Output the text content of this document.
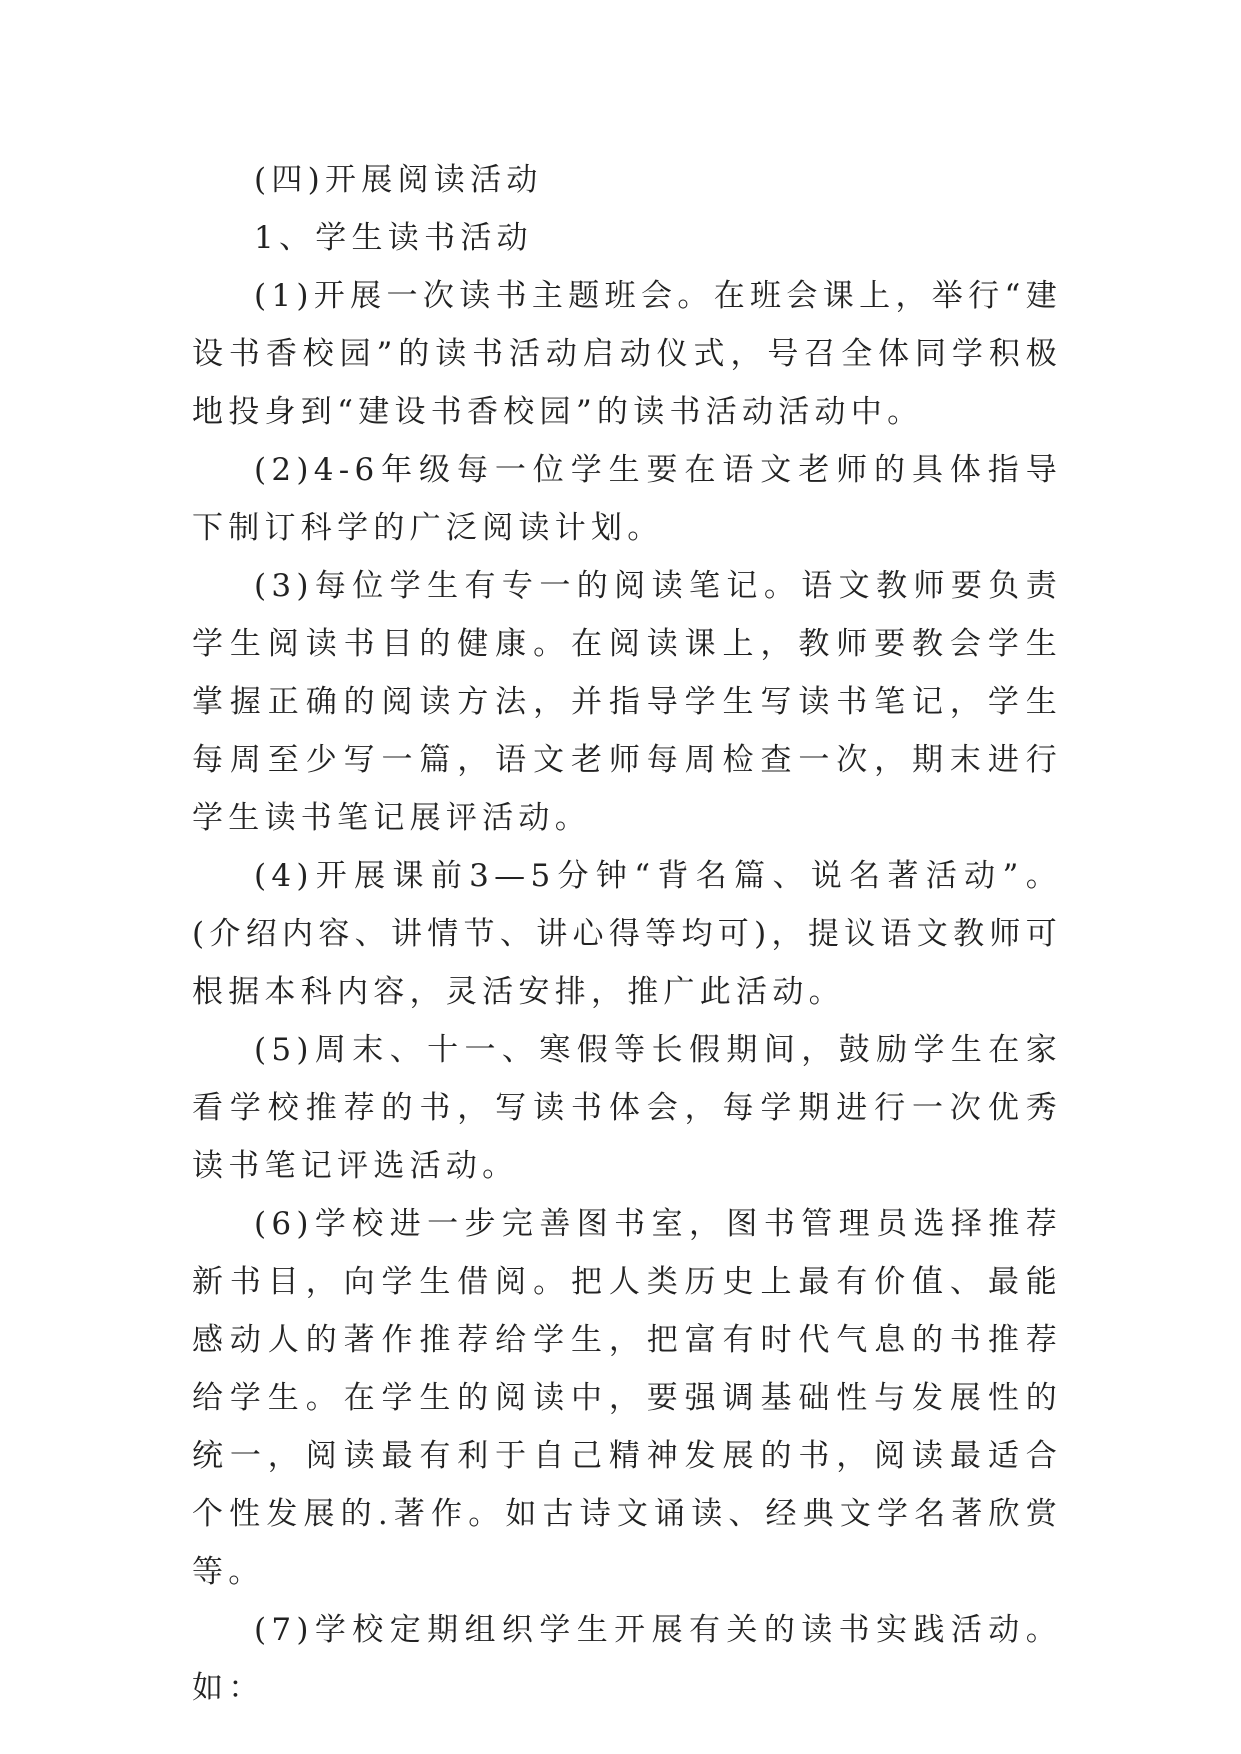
(四)开展阅读活动

1、学生读书活动

(1)开展一次读书主题班会。在班会课上，举行“建设书香校园”的读书活动启动仪式，号召全体同学积极地投身到“建设书香校园”的读书活动活动中。

(2)4-6年级每一位学生要在语文老师的具体指导下制订科学的广泛阅读计划。

(3)每位学生有专一的阅读笔记。语文教师要负责学生阅读书目的健康。在阅读课上，教师要教会学生掌握正确的阅读方法，并指导学生写读书笔记，学生每周至少写一篇，语文老师每周检查一次，期末进行学生读书笔记展评活动。

(4)开展课前3—5分钟“背名篇、说名著活动”。(介绍内容、讲情节、讲心得等均可)，提议语文教师可根据本科内容，灵活安排，推广此活动。

(5)周末、十一、寒假等长假期间，鼓励学生在家看学校推荐的书，写读书体会，每学期进行一次优秀读书笔记评选活动。

(6)学校进一步完善图书室，图书管理员选择推荐新书目，向学生借阅。把人类历史上最有价值、最能感动人的著作推荐给学生，把富有时代气息的书推荐给学生。在学生的阅读中，要强调基础性与发展性的统一，阅读最有利于自己精神发展的书，阅读最适合个性发展的.著作。如古诗文诵读、经典文学名著欣赏等。

(7)学校定期组织学生开展有关的读书实践活动。如：
